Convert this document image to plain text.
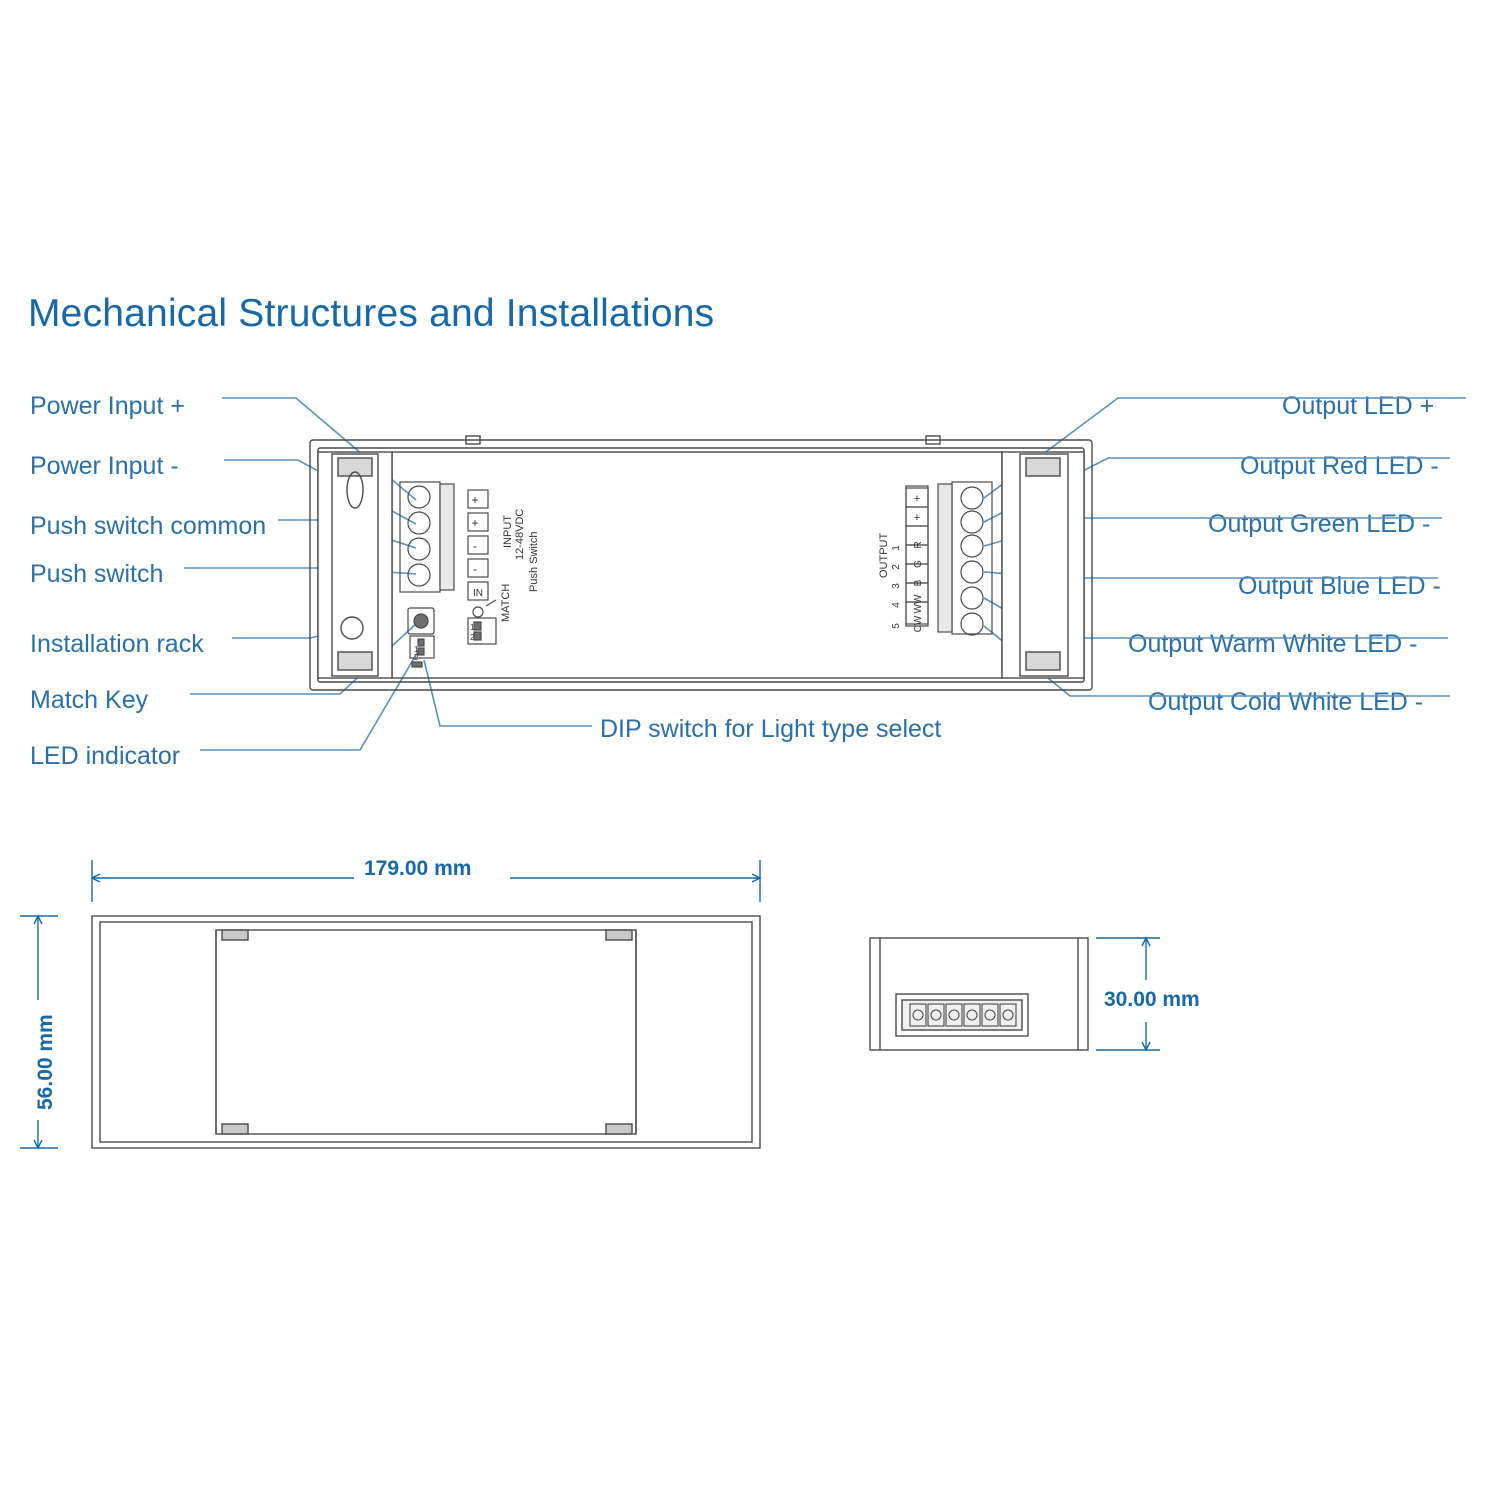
Mechanical Structures and Installations
Power Input +
Power Input -
Push switch common
Push switch
Installation rack
Match Key
LED indicator
Output LED +
Output Red LED -
Output Green LED -
Output Blue LED -
Output Warm White LED -
Output Cold White LED -
DIP switch for Light type select
179.00 mm
56.00 mm
30.00 mm
INPUT 12-48VDC Push Switch
MATCH
OUTPUT
+
+
-
-
IN
1
2
1
2
+
+
R
G
B
WW
CW
1
2
3
4
5
